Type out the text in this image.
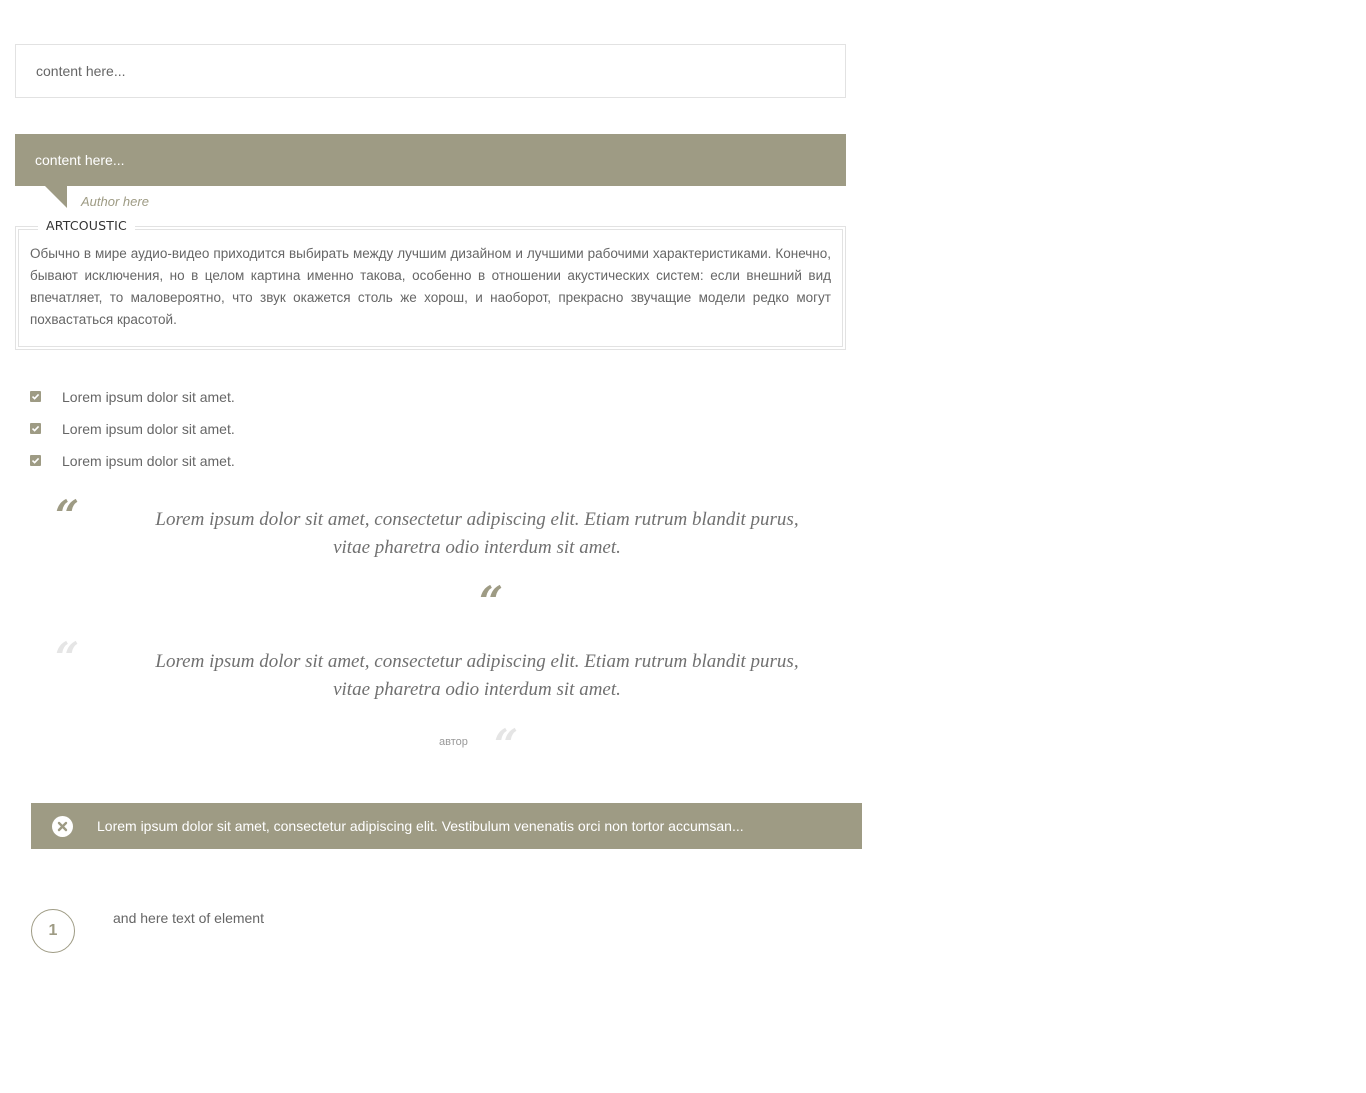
content here...
content here...
Author here
ARTCOUSTIC

Обычно в мире аудио-видео приходится выбирать между лучшим дизайном и лучшими рабочими характеристиками. Конечно, бывают исключения, но в целом картина именно такова, особенно в отношении акустических систем: если внешний вид впечатляет, то маловероятно, что звук окажется столь же хорош, и наоборот, прекрасно звучащие модели редко могут похвастаться красотой.

Lorem ipsum dolor sit amet.
Lorem ipsum dolor sit amet.
Lorem ipsum dolor sit amet.
“	Lorem ipsum dolor sit amet, consectetur adipiscing elit. Etiam rutrum blandit purus, vitae pharetra odio interdum sit amet.

“
“	Lorem ipsum dolor sit amet, consectetur adipiscing elit. Etiam rutrum blandit purus, vitae pharetra odio interdum sit amet.

автор “
Lorem ipsum dolor sit amet, consectetur adipiscing elit. Vestibulum venenatis orci non tortor accumsan...
1
and here text of element
